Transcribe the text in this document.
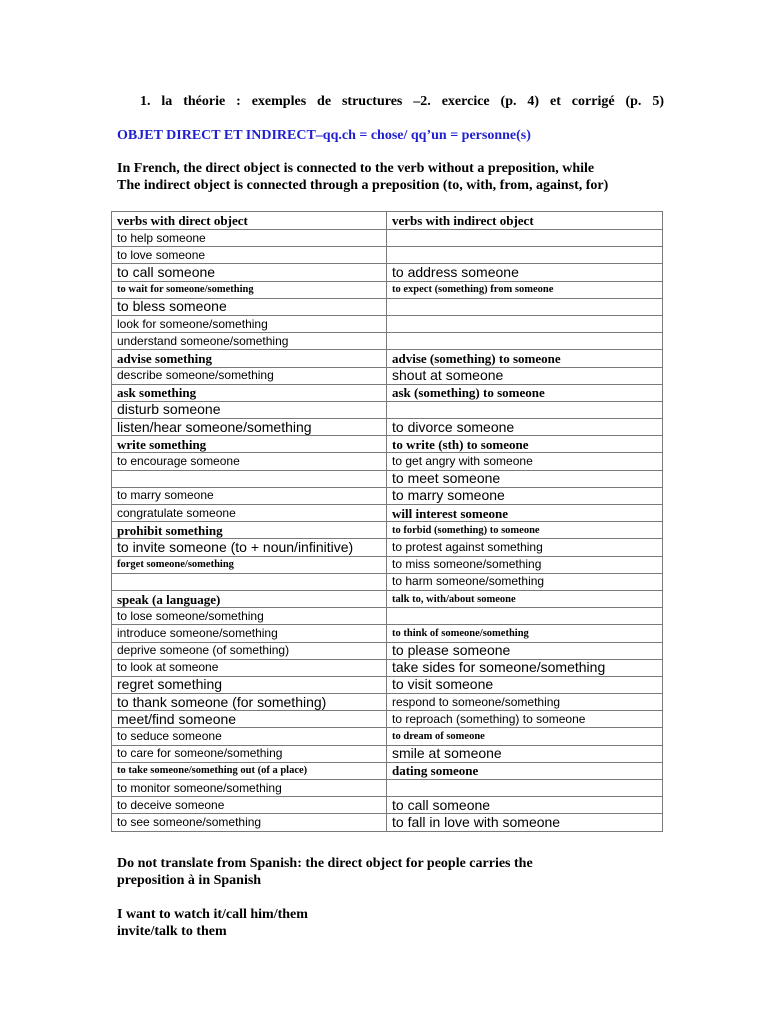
1. la théorie : exemples de structures –2. exercice (p. 4) et corrigé (p. 5)
OBJET DIRECT ET INDIRECT–qq.ch = chose/ qq’un = personne(s)
In French, the direct object is connected to the verb without a preposition, while
The indirect object is connected through a preposition (to, with, from, against, for)
verbs with direct object	verbs with indirect object
to help someone	
to love someone	
to call someone	to address someone
to wait for someone/something	to expect (something) from someone
to bless someone	
look for someone/something	
understand someone/something	
advise something	advise (something) to someone
describe someone/something	shout at someone
ask something	ask (something) to someone
disturb someone	
listen/hear someone/something	to divorce someone
write something	to write (sth) to someone
to encourage someone	to get angry with someone
	to meet someone
to marry someone	to marry someone
congratulate someone	will interest someone
prohibit something	to forbid (something) to someone
to invite someone (to + noun/infinitive)	to protest against something
forget someone/something	to miss someone/something
	to harm someone/something
speak (a language)	talk to, with/about someone
to lose someone/something	
introduce someone/something	to think of someone/something
deprive someone (of something)	to please someone
to look at someone	take sides for someone/something
regret something	to visit someone
to thank someone (for something)	respond to someone/something
meet/find someone	to reproach (something) to someone
to seduce someone	to dream of someone
to care for someone/something	smile at someone
to take someone/something out (of a place)	dating someone
to monitor someone/something	
to deceive someone	to call someone
to see someone/something	to fall in love with someone
Do not translate from Spanish: the direct object for people carries the
preposition à in Spanish
I want to watch it/call him/them
invite/talk to them
